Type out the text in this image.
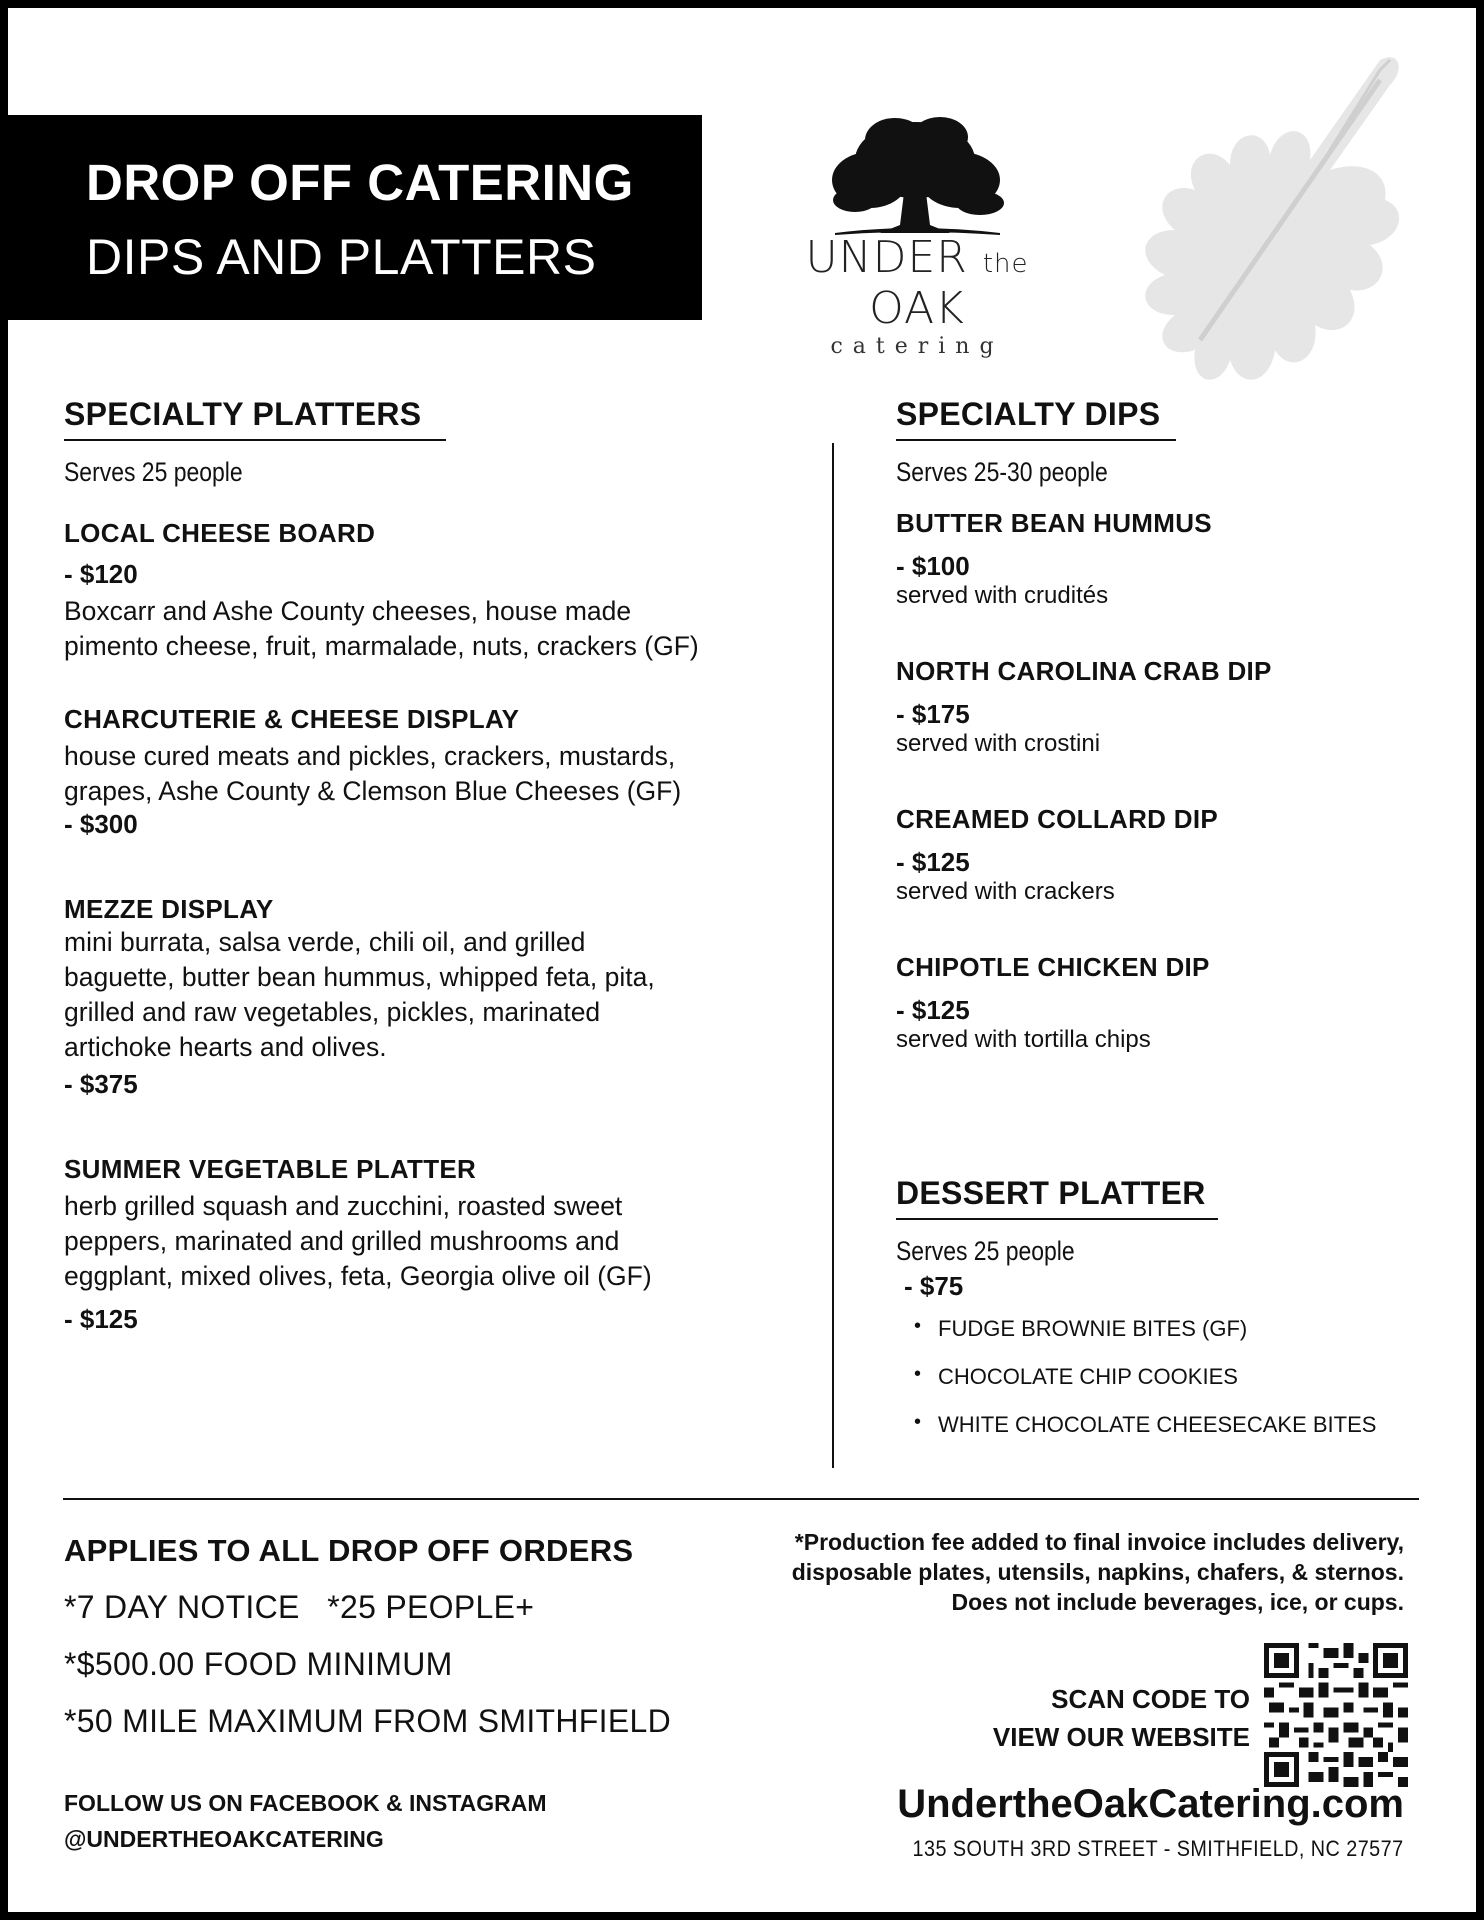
DROP OFF CATERING
DIPS AND PLATTERS	UNDER the OAK
catering
SPECIALTY PLATTERS
Serves 25 people
LOCAL CHEESE BOARD
- $120
Boxcarr and Ashe County cheeses, house made
pimento cheese, fruit, marmalade, nuts, crackers (GF)
CHARCUTERIE & CHEESE DISPLAY
house cured meats and pickles, crackers, mustards,
grapes, Ashe County & Clemson Blue Cheeses (GF)
- $300
MEZZE DISPLAY
mini burrata, salsa verde, chili oil, and grilled
baguette, butter bean hummus, whipped feta, pita,
grilled and raw vegetables, pickles, marinated
artichoke hearts and olives.
- $375
SUMMER VEGETABLE PLATTER
herb grilled squash and zucchini, roasted sweet
peppers, marinated and grilled mushrooms and
eggplant, mixed olives, feta, Georgia olive oil (GF)
- $125
SPECIALTY DIPS
Serves 25-30 people
BUTTER BEAN HUMMUS
- $100
served with crudités
NORTH CAROLINA CRAB DIP
- $175
served with crostini
CREAMED COLLARD DIP
- $125
served with crackers
CHIPOTLE CHICKEN DIP
- $125
served with tortilla chips
DESSERT PLATTER
Serves 25 people
- $75
• FUDGE BROWNIE BITES (GF)
• CHOCOLATE CHIP COOKIES
• WHITE CHOCOLATE CHEESECAKE BITES
APPLIES TO ALL DROP OFF ORDERS
*7 DAY NOTICE *25 PEOPLE+
*$500.00 FOOD MINIMUM
*50 MILE MAXIMUM FROM SMITHFIELD
FOLLOW US ON FACEBOOK & INSTAGRAM
@UNDERTHEOAKCATERING
*Production fee added to final invoice includes delivery,
disposable plates, utensils, napkins, chafers, & sternos.
Does not include beverages, ice, or cups.
SCAN CODE TO
VIEW OUR WEBSITE
UndertheOakCatering.com
135 SOUTH 3RD STREET - SMITHFIELD, NC 27577
